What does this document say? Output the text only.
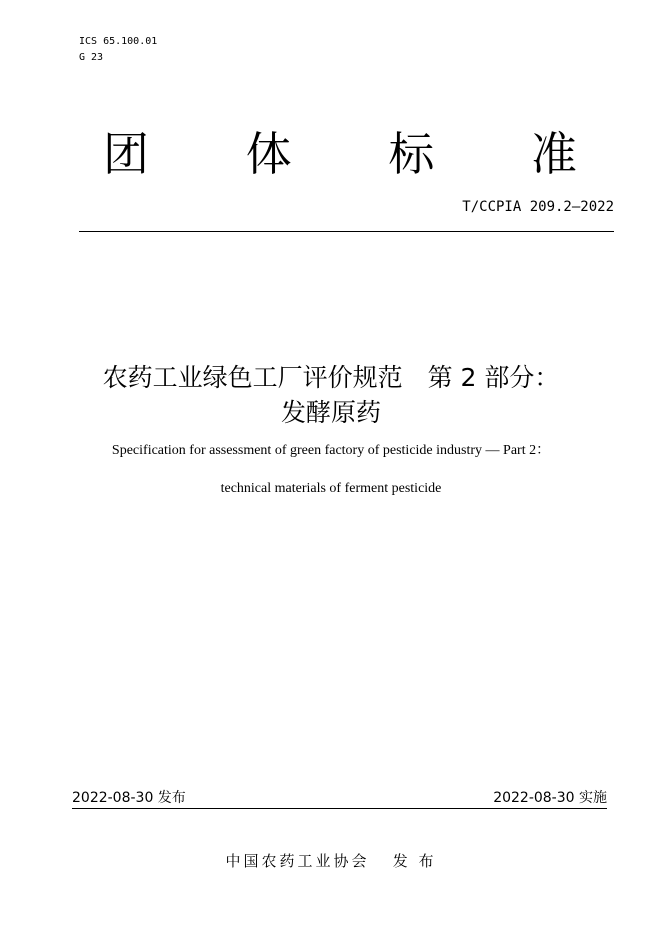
ICS 65.100.01
G 23
团 体 标 准
T/CCPIA 209.2—2022
农药工业绿色工厂评价规范　第 2 部分：
发酵原药
Specification for assessment of green factory of pesticide industry — Part 2：
technical materials of ferment pesticide
2022-08-30 发布	2022-08-30 实施
中国农药工业协会   发 布
